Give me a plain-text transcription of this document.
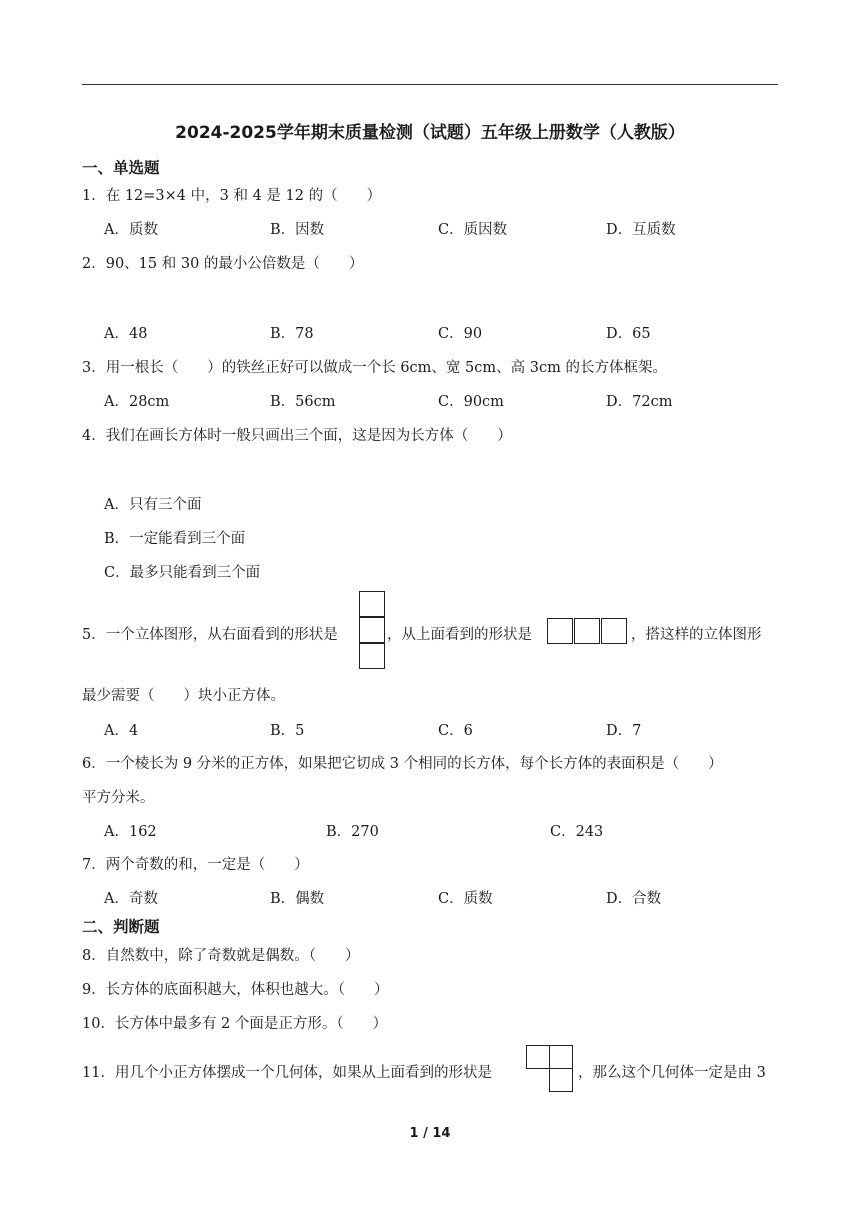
2024-2025学年期末质量检测（试题）五年级上册数学（人教版）
一、单选题
1．在 12=3×4 中，3 和 4 是 12 的（　　）
A．质数	B．因数	C．质因数	D．互质数
2．90、15 和 30 的最小公倍数是（　　）
A．48	B．78	C．90	D．65
3．用一根长（　　）的铁丝正好可以做成一个长 6cm、宽 5cm、高 3cm 的长方体框架。
A．28cm	B．56cm	C．90cm	D．72cm
4．我们在画长方体时一般只画出三个面，这是因为长方体（　　）
A．只有三个面
B．一定能看到三个面
C．最多只能看到三个面
5．一个立体图形，从右面看到的形状是	，从上面看到的形状是	，搭这样的立体图形
最少需要（　　）块小正方体。
A．4	B．5	C．6	D．7
6．一个棱长为 9 分米的正方体，如果把它切成 3 个相同的长方体，每个长方体的表面积是（　　）
平方分米。
A．162	B．270	C．243
7．两个奇数的和，一定是（　　）
A．奇数	B．偶数	C．质数	D．合数
二、判断题
8．自然数中，除了奇数就是偶数。（　　）
9．长方体的底面积越大，体积也越大。（　　）
10．长方体中最多有 2 个面是正方形。（　　）
11．用几个小正方体摆成一个几何体，如果从上面看到的形状是	，那么这个几何体一定是由 3
1 / 14
